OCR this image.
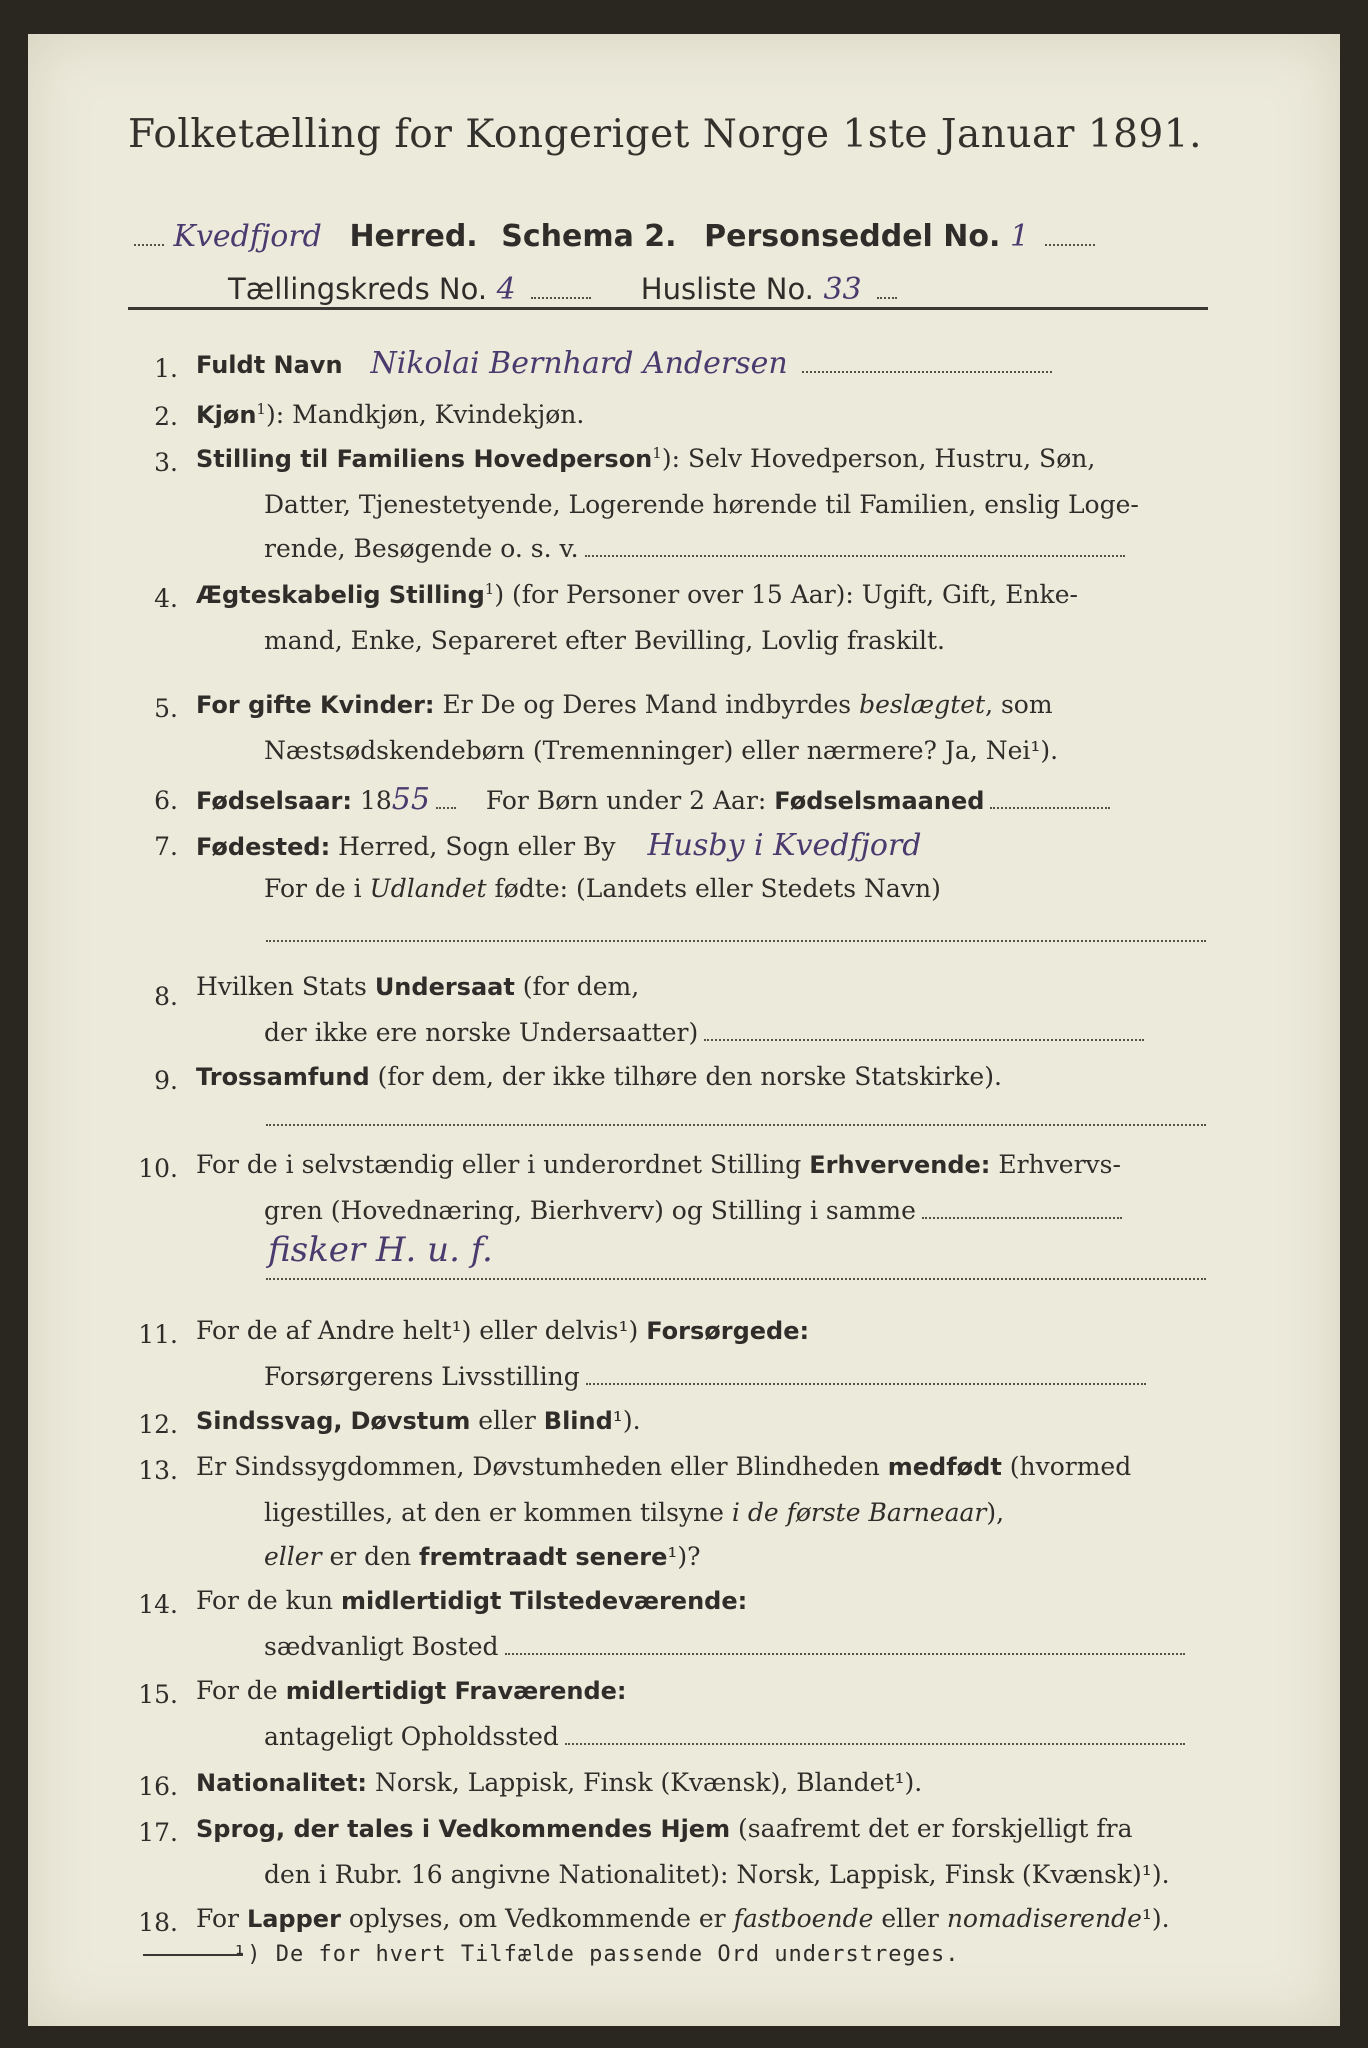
Folketælling for Kongeriget Norge 1ste Januar 1891.
Kvedfjord Herred. Schema 2. Personseddel No. 1
Tællingskreds No. 4	Husliste No. 33
1. Fuldt Navn Nikolai Bernhard Andersen
2. Kjøn$^1$): Mandkjøn, Kvindekjøn.
3. Stilling til Familiens Hovedperson$^1$): Selv Hovedperson, Hustru, Søn,
Datter, Tjenestetyende, Logerende hørende til Familien, enslig Loge-
rende, Besøgende o. s. v.
4. Ægteskabelig Stilling$^1$) (for Personer over 15 Aar): Ugift, Gift, Enke-
mand, Enke, Separeret efter Bevilling, Lovlig fraskilt.
5. For gifte Kvinder: Er De og Deres Mand indbyrdes beslægtet, som
Næstsødskendebørn (Tremenninger) eller nærmere? Ja, Nei¹).
6. Fødselsaar: 1855 For Børn under 2 Aar: Fødselsmaaned
7. Fødested: Herred, Sogn eller By Husby i Kvedfjord
For de i Udlandet fødte: (Landets eller Stedets Navn)
8. Hvilken Stats Undersaat (for dem,
der ikke ere norske Undersaatter)
9. Trossamfund (for dem, der ikke tilhøre den norske Statskirke).
10. For de i selvstændig eller i underordnet Stilling Erhvervende: Erhvervs-
gren (Hovednæring, Bierhverv) og Stilling i samme
fisker H. u. f.
11. For de af Andre helt¹) eller delvis¹) Forsørgede:
Forsørgerens Livsstilling
12. Sindssvag, Døvstum eller Blind¹).
13. Er Sindssygdommen, Døvstumheden eller Blindheden medfødt (hvormed
ligestilles, at den er kommen tilsyne i de første Barneaar),
eller er den fremtraadt senere¹)?
14. For de kun midlertidigt Tilstedeværende:
sædvanligt Bosted
15. For de midlertidigt Fraværende:
antageligt Opholdssted
16. Nationalitet: Norsk, Lappisk, Finsk (Kvænsk), Blandet¹).
17. Sprog, der tales i Vedkommendes Hjem (saafremt det er forskjelligt fra
den i Rubr. 16 angivne Nationalitet): Norsk, Lappisk, Finsk (Kvænsk)¹).
18. For Lapper oplyses, om Vedkommende er fastboende eller nomadiserende¹).
¹) De for hvert Tilfælde passende Ord understreges.
